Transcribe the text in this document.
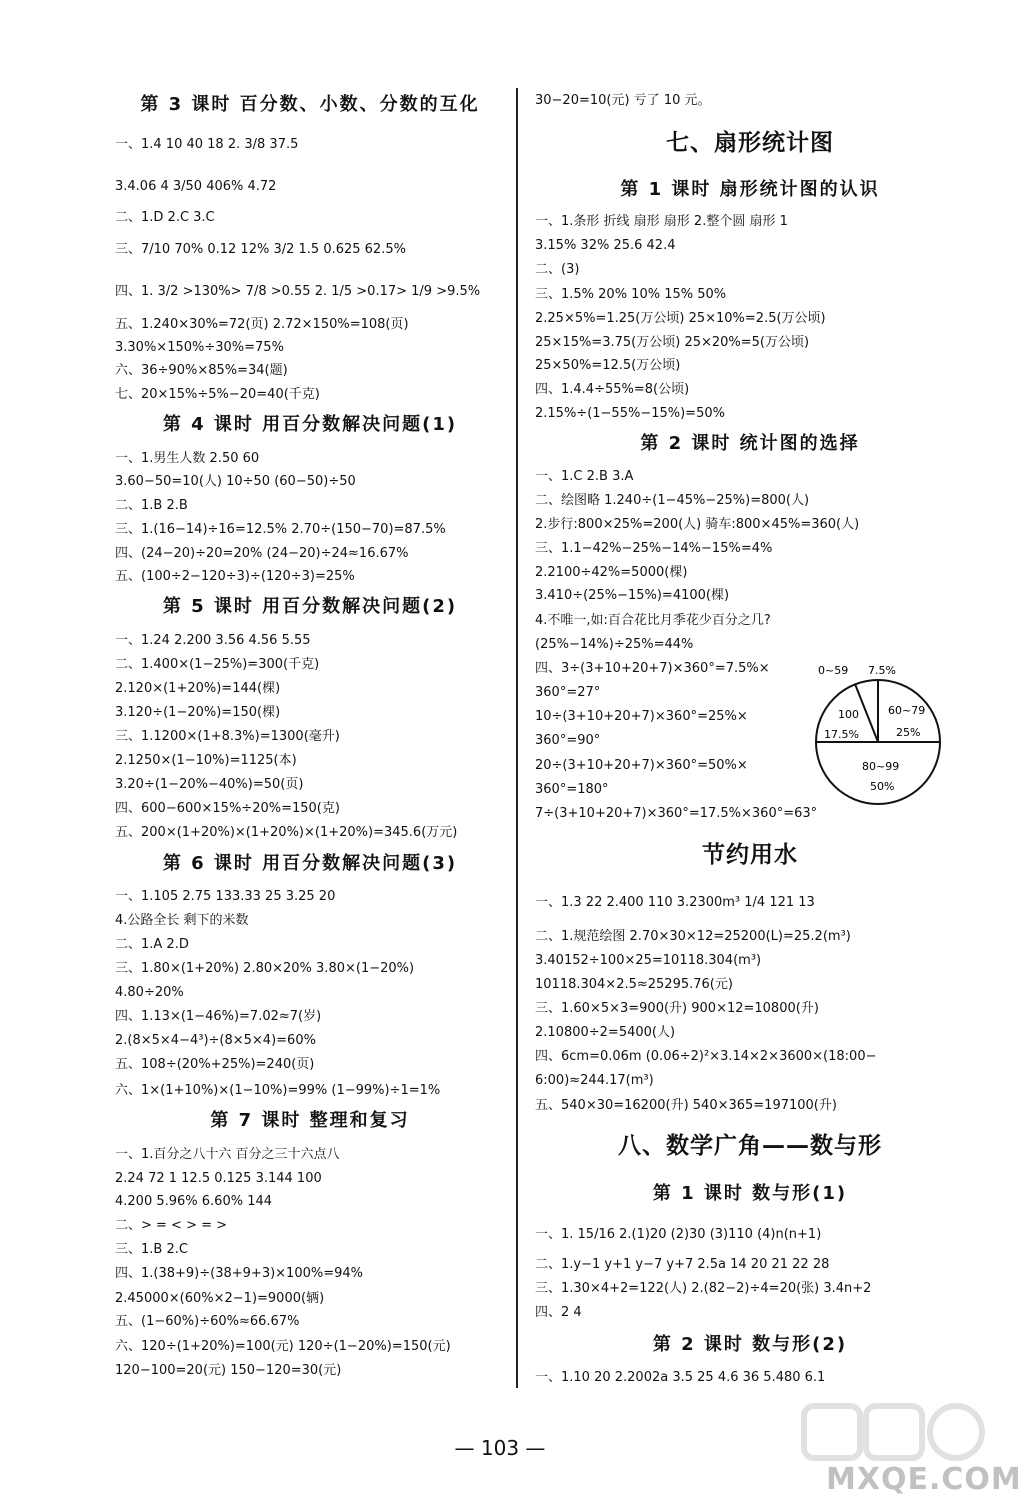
第 3 课时 百分数、小数、分数的互化
一、1.4 10 40 18 2. 3/8 37.5
3.4.06 4 3/50 406% 4.72
二、1.D 2.C 3.C
三、7/10 70% 0.12 12% 3/2 1.5 0.625 62.5%
四、1. 3/2 >130%> 7/8 >0.55 2. 1/5 >0.17> 1/9 >9.5%
五、1.240×30%=72(页) 2.72×150%=108(页)
3.30%×150%÷30%=75%
六、36÷90%×85%=34(题)
七、20×15%÷5%−20=40(千克)
第 4 课时 用百分数解决问题(1)
一、1.男生人数 2.50 60
3.60−50=10(人) 10÷50 (60−50)÷50
二、1.B 2.B
三、1.(16−14)÷16=12.5% 2.70÷(150−70)=87.5%
四、(24−20)÷20=20% (24−20)÷24≈16.67%
五、(100÷2−120÷3)÷(120÷3)=25%
第 5 课时 用百分数解决问题(2)
一、1.24 2.200 3.56 4.56 5.55
二、1.400×(1−25%)=300(千克)
2.120×(1+20%)=144(棵)
3.120÷(1−20%)=150(棵)
三、1.1200×(1+8.3%)=1300(毫升)
2.1250×(1−10%)=1125(本)
3.20÷(1−20%−40%)=50(页)
四、600−600×15%÷20%=150(克)
五、200×(1+20%)×(1+20%)×(1+20%)=345.6(万元)
第 6 课时 用百分数解决问题(3)
一、1.105 2.75 133.33 25 3.25 20
4.公路全长 剩下的米数
二、1.A 2.D
三、1.80×(1+20%) 2.80×20% 3.80×(1−20%)
4.80÷20%
四、1.13×(1−46%)=7.02≈7(岁)
2.(8×5×4−4³)÷(8×5×4)=60%
五、108÷(20%+25%)=240(页)
六、1×(1+10%)×(1−10%)=99% (1−99%)÷1=1%
第 7 课时 整理和复习
一、1.百分之八十六 百分之三十六点八
2.24 72 1 12.5 0.125 3.144 100
4.200 5.96% 6.60% 144
二、> = < > = >
三、1.B 2.C
四、1.(38+9)÷(38+9+3)×100%=94%
2.45000×(60%×2−1)=9000(辆)
五、(1−60%)÷60%≈66.67%
六、120÷(1+20%)=100(元) 120÷(1−20%)=150(元)
120−100=20(元) 150−120=30(元)
30−20=10(元) 亏了 10 元。
七、扇形统计图
第 1 课时 扇形统计图的认识
一、1.条形 折线 扇形 扇形 2.整个圆 扇形 1
3.15% 32% 25.6 42.4
二、(3)
三、1.5% 20% 10% 15% 50%
2.25×5%=1.25(万公顷) 25×10%=2.5(万公顷)
25×15%=3.75(万公顷) 25×20%=5(万公顷)
25×50%=12.5(万公顷)
四、1.4.4÷55%=8(公顷)
2.15%÷(1−55%−15%)=50%
第 2 课时 统计图的选择
一、1.C 2.B 3.A
二、绘图略 1.240÷(1−45%−25%)=800(人)
2.步行:800×25%=200(人) 骑车:800×45%=360(人)
三、1.1−42%−25%−14%−15%=4%
2.2100÷42%=5000(棵)
3.410÷(25%−15%)=4100(棵)
4.不唯一,如:百合花比月季花少百分之几?
(25%−14%)÷25%=44%
四、3÷(3+10+20+7)×360°=7.5%×
360°=27°
10÷(3+10+20+7)×360°=25%×
360°=90°
20÷(3+10+20+7)×360°=50%×
360°=180°
7÷(3+10+20+7)×360°=17.5%×360°=63°
节约用水
一、1.3 22 2.400 110 3.2300m³ 1/4 121 13
二、1.规范绘图 2.70×30×12=25200(L)=25.2(m³)
3.40152÷100×25=10118.304(m³)
10118.304×2.5≈25295.76(元)
三、1.60×5×3=900(升) 900×12=10800(升)
2.10800÷2=5400(人)
四、6cm=0.06m (0.06÷2)²×3.14×2×3600×(18:00−
6:00)≈244.17(m³)
五、540×30=16200(升) 540×365=197100(升)
八、数学广角——数与形
第 1 课时 数与形(1)
一、1. 15/16 2.(1)20 (2)30 (3)110 (4)n(n+1)
二、1.y−1 y+1 y−7 y+7 2.5a 14 20 21 22 28
三、1.30×4+2=122(人) 2.(82−2)÷4=20(张) 3.4n+2
四、2 4
第 2 课时 数与形(2)
一、1.10 20 2.2002a 3.5 25 4.6 36 5.480 6.1
0~59 7.5%
100
17.5%
60~79
25%
80~99
50%
— 103 —
MXQE.COM
